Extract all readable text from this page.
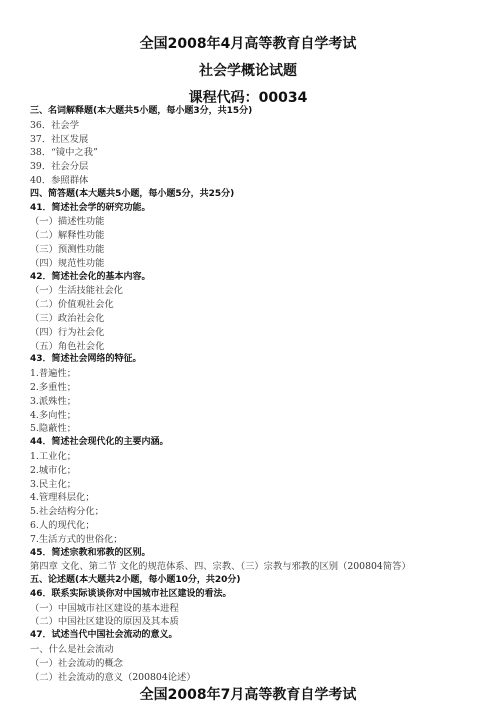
全国2008年4月高等教育自学考试
社会学概论试题
课程代码：00034
三、名词解释题(本大题共5小题，每小题3分，共15分)
36．社会学
37．社区发展
38．“镜中之我”
39．社会分层
40．参照群体
四、简答题(本大题共5小题，每小题5分，共25分)
41．简述社会学的研究功能。
（一）描述性功能
（二）解释性功能
（三）预测性功能
（四）规范性功能
42．简述社会化的基本内容。
（一）生活技能社会化
（二）价值观社会化
（三）政治社会化
（四）行为社会化
（五）角色社会化
43．简述社会网络的特征。
1.普遍性；
2.多重性；
3.派殊性；
4.多向性；
5.隐蔽性；
44．简述社会现代化的主要内涵。
1.工业化；
2.城市化；
3.民主化；
4.管理科层化；
5.社会结构分化；
6.人的现代化；
7.生活方式的世俗化；
45．简述宗教和邪教的区别。
第四章 文化、第二节 文化的规范体系、四、宗教、（三）宗教与邪教的区别（200804简答）
五、论述题(本大题共2小题，每小题10分，共20分)
46．联系实际谈谈你对中国城市社区建设的看法。
（一）中国城市社区建设的基本进程
（二）中国社区建设的原因及其本质
47．试述当代中国社会流动的意义。
一、什么是社会流动
（一）社会流动的概念
（二）社会流动的意义（200804论述）
全国2008年7月高等教育自学考试
